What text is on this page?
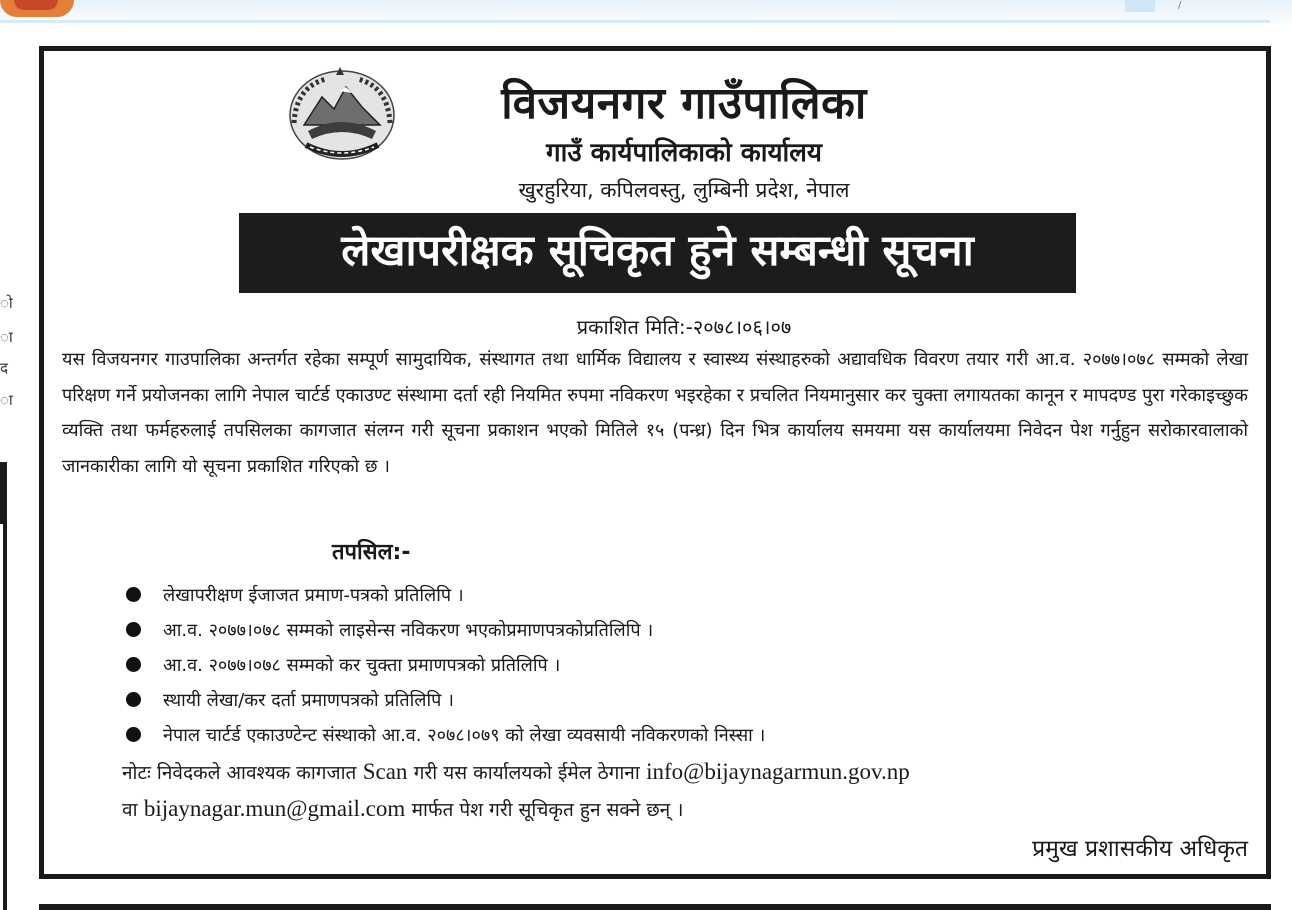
/
ो
ा
द
ा
विजयनगर गाउँपालिका
गाउँ कार्यपालिकाको कार्यालय
खुरहुरिया, कपिलवस्तु, लुम्बिनी प्रदेश, नेपाल
लेखापरीक्षक सूचिकृत हुने सम्बन्धी सूचना
प्रकाशित मिति:-२०७८।०६।०७

यस विजयनगर गाउपालिका अन्तर्गत रहेका सम्पूर्ण सामुदायिक, संस्थागत तथा धार्मिक विद्यालय र स्वास्थ्य संस्थाहरुको अद्यावधिक विवरण तयार गरी आ.व. २०७७।०७८ सम्मको लेखा परिक्षण गर्ने प्रयोजनका लागि नेपाल चार्टर्ड एकाउण्ट संस्थामा दर्ता रही नियमित रुपमा नविकरण भइरहेका र प्रचलित नियमानुसार कर चुक्ता लगायतका कानून र मापदण्ड पुरा गरेकाइच्छुक व्यक्ति तथा फर्महरुलाई तपसिलका कागजात संलग्न गरी सूचना प्रकाशन भएको मितिले १५ (पन्ध्र) दिन भित्र कार्यालय समयमा यस कार्यालयमा निवेदन पेश गर्नुहुन सरोकारवालाको जानकारीका लागि यो सूचना प्रकाशित गरिएको छ ।

तपसिल:-
लेखापरीक्षण ईजाजत प्रमाण-पत्रको प्रतिलिपि ।
आ.व. २०७७।०७८ सम्मको लाइसेन्स नविकरण भएकोप्रमाणपत्रकोप्रतिलिपि ।
आ.व. २०७७।०७८ सम्मको कर चुक्ता प्रमाणपत्रको प्रतिलिपि ।
स्थायी लेखा/कर दर्ता प्रमाणपत्रको प्रतिलिपि ।
नेपाल चार्टर्ड एकाउण्टेन्ट संस्थाको आ.व. २०७८।०७९ को लेखा व्यवसायी नविकरणको निस्सा ।
नोटः निवेदकले आवश्यक कागजात Scan गरी यस कार्यालयको ईमेल ठेगाना info@bijaynagarmun.gov.np
वा bijaynagar.mun@gmail.com मार्फत पेश गरी सूचिकृत हुन सक्ने छन् ।
प्रमुख प्रशासकीय अधिकृत
